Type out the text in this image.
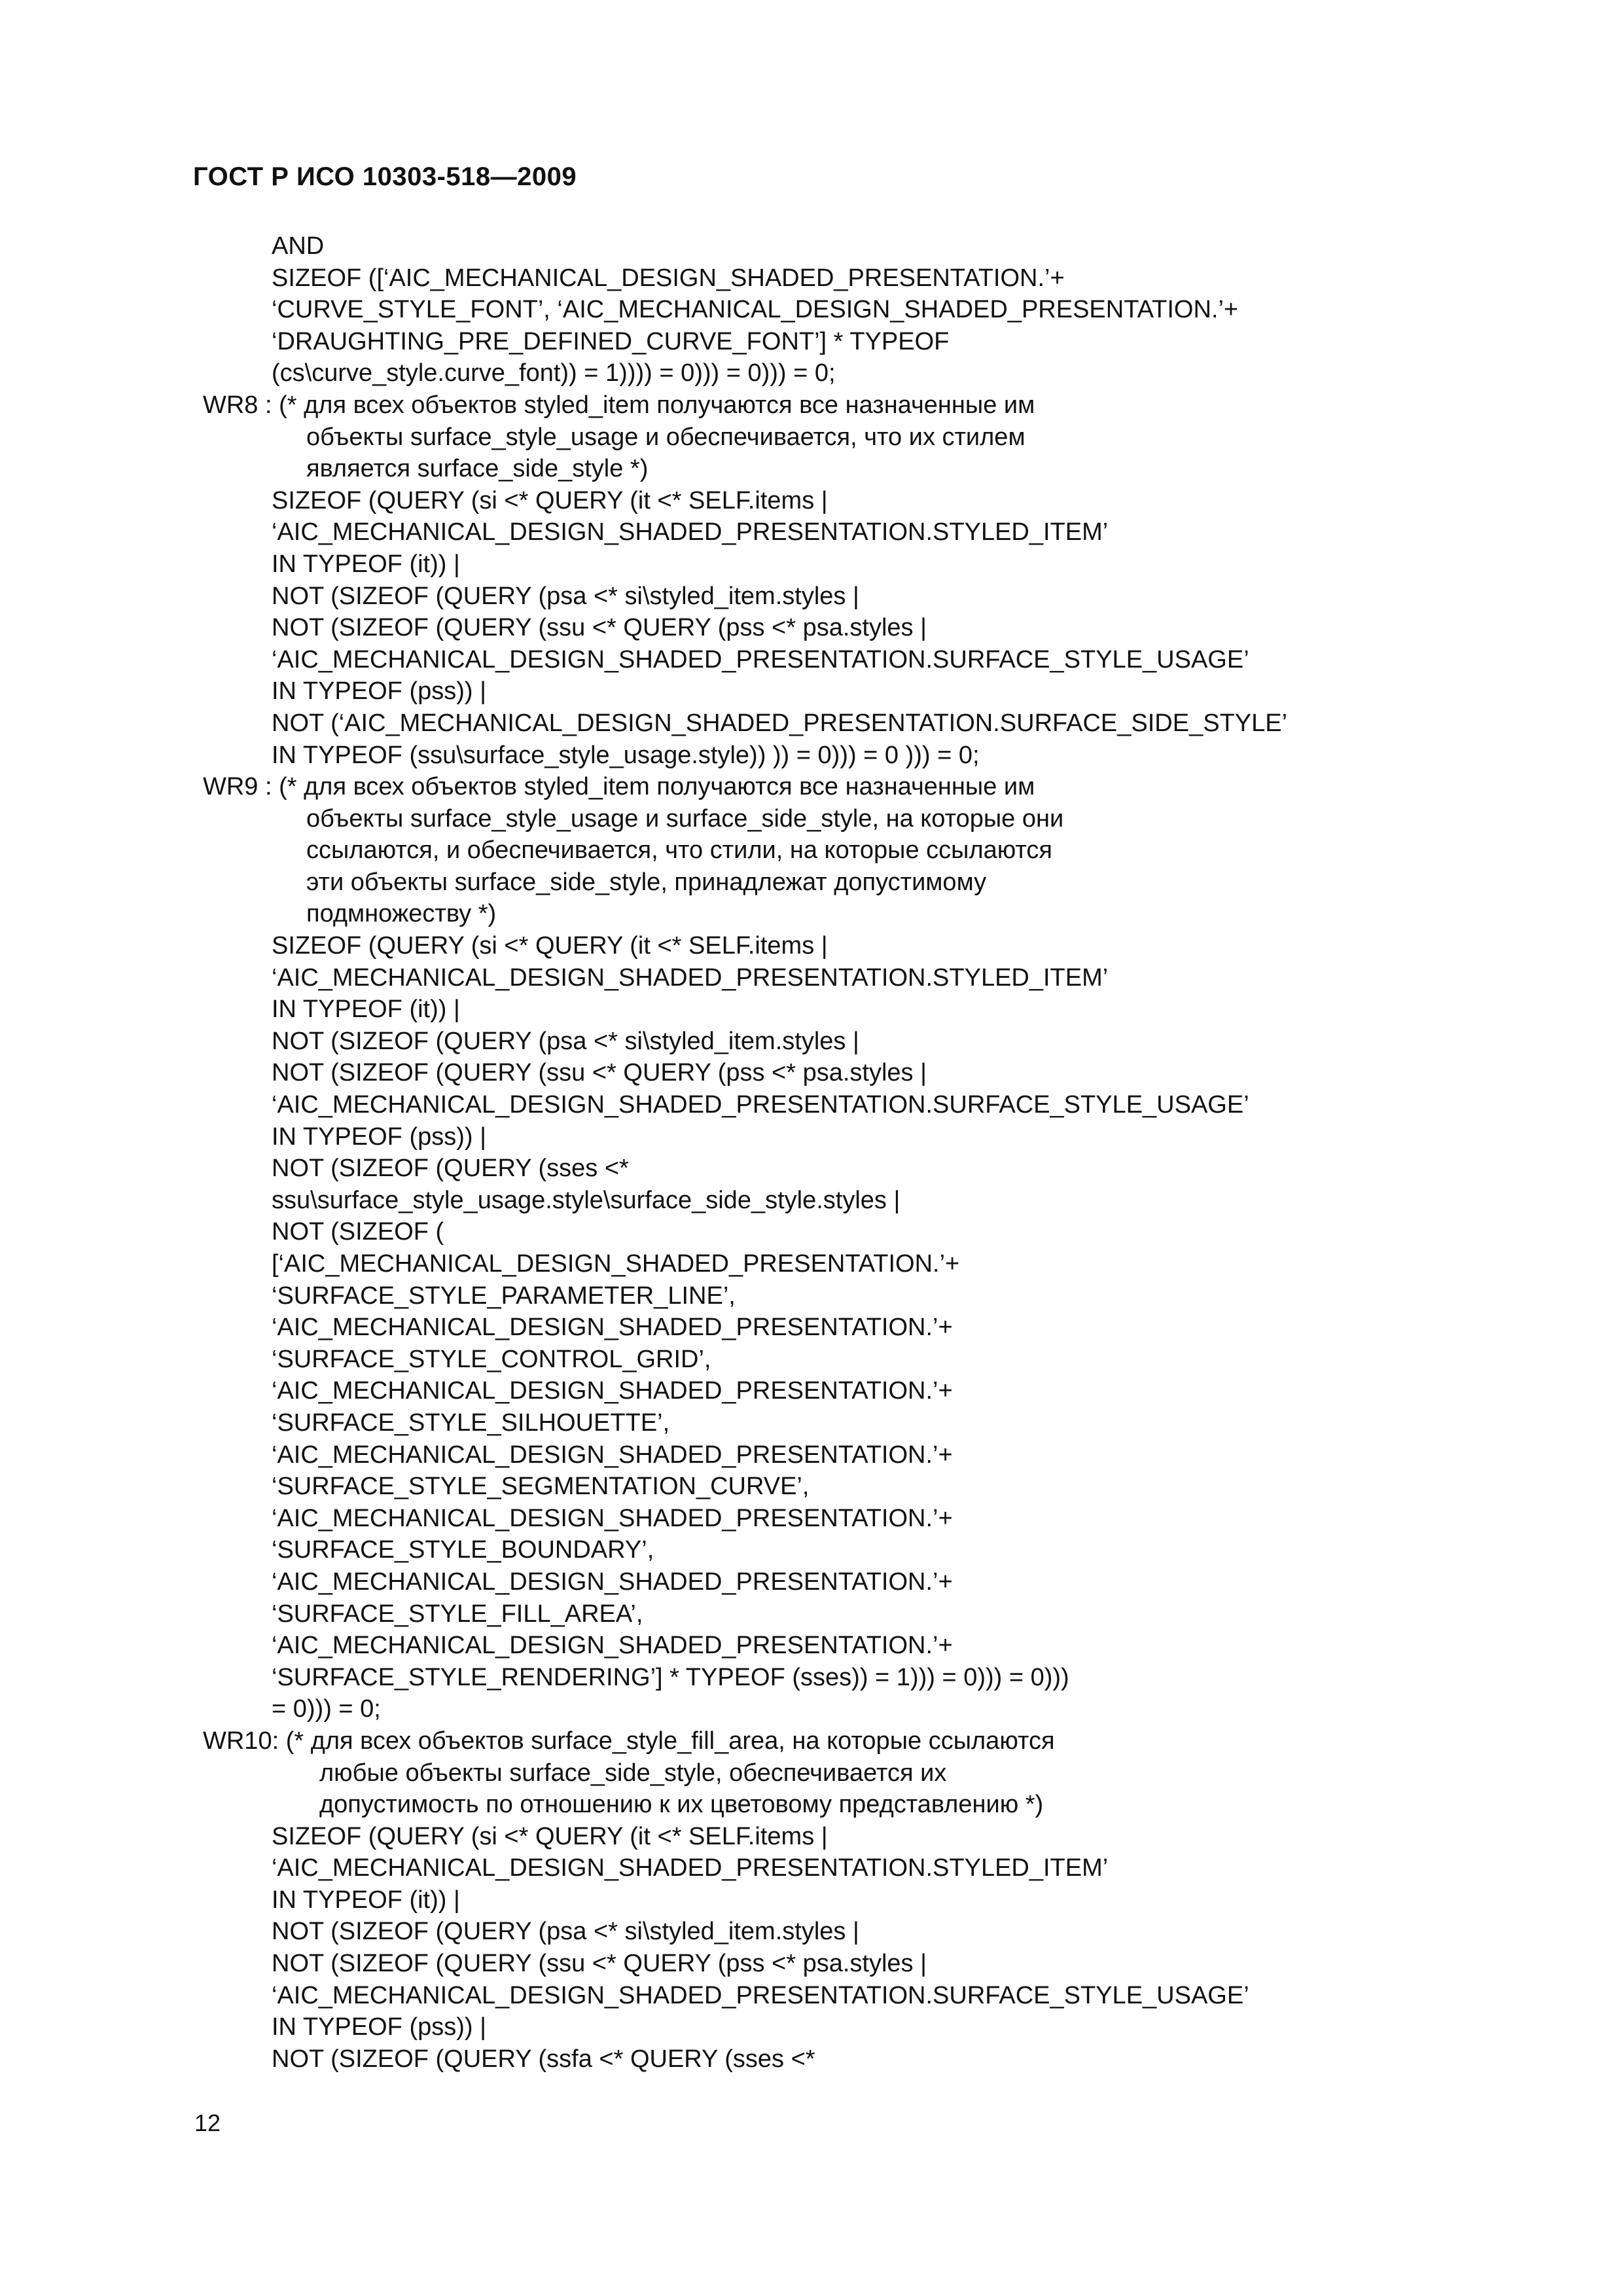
ГОСТ Р ИСО 10303-518—2009
AND
SIZEOF ([‘AIC_MECHANICAL_DESIGN_SHADED_PRESENTATION.’+
‘CURVE_STYLE_FONT’, ‘AIC_MECHANICAL_DESIGN_SHADED_PRESENTATION.’+
‘DRAUGHTING_PRE_DEFINED_CURVE_FONT’] * TYPEOF
(cs\curve_style.curve_font)) = 1)))) = 0))) = 0))) = 0;
WR8 : (* для всех объектов styled_item получаются все назначенные им
объекты surface_style_usage и обеспечивается, что их стилем
является surface_side_style *)
SIZEOF (QUERY (si <* QUERY (it <* SELF.items |
‘AIC_MECHANICAL_DESIGN_SHADED_PRESENTATION.STYLED_ITEM’
IN TYPEOF (it)) |
NOT (SIZEOF (QUERY (psa <* si\styled_item.styles |
NOT (SIZEOF (QUERY (ssu <* QUERY (pss <* psa.styles |
‘AIC_MECHANICAL_DESIGN_SHADED_PRESENTATION.SURFACE_STYLE_USAGE’
IN TYPEOF (pss)) |
NOT (‘AIC_MECHANICAL_DESIGN_SHADED_PRESENTATION.SURFACE_SIDE_STYLE’
IN TYPEOF (ssu\surface_style_usage.style)) )) = 0))) = 0 ))) = 0;
WR9 : (* для всех объектов styled_item получаются все назначенные им
объекты surface_style_usage и surface_side_style, на которые они
ссылаются, и обеспечивается, что стили, на которые ссылаются
эти объекты surface_side_style, принадлежат допустимому
подмножеству *)
SIZEOF (QUERY (si <* QUERY (it <* SELF.items |
‘AIC_MECHANICAL_DESIGN_SHADED_PRESENTATION.STYLED_ITEM’
IN TYPEOF (it)) |
NOT (SIZEOF (QUERY (psa <* si\styled_item.styles |
NOT (SIZEOF (QUERY (ssu <* QUERY (pss <* psa.styles |
‘AIC_MECHANICAL_DESIGN_SHADED_PRESENTATION.SURFACE_STYLE_USAGE’
IN TYPEOF (pss)) |
NOT (SIZEOF (QUERY (sses <*
ssu\surface_style_usage.style\surface_side_style.styles |
NOT (SIZEOF (
[‘AIC_MECHANICAL_DESIGN_SHADED_PRESENTATION.’+
‘SURFACE_STYLE_PARAMETER_LINE’,
‘AIC_MECHANICAL_DESIGN_SHADED_PRESENTATION.’+
‘SURFACE_STYLE_CONTROL_GRID’,
‘AIC_MECHANICAL_DESIGN_SHADED_PRESENTATION.’+
‘SURFACE_STYLE_SILHOUETTE’,
‘AIC_MECHANICAL_DESIGN_SHADED_PRESENTATION.’+
‘SURFACE_STYLE_SEGMENTATION_CURVE’,
‘AIC_MECHANICAL_DESIGN_SHADED_PRESENTATION.’+
‘SURFACE_STYLE_BOUNDARY’,
‘AIC_MECHANICAL_DESIGN_SHADED_PRESENTATION.’+
‘SURFACE_STYLE_FILL_AREA’,
‘AIC_MECHANICAL_DESIGN_SHADED_PRESENTATION.’+
‘SURFACE_STYLE_RENDERING’] * TYPEOF (sses)) = 1))) = 0))) = 0)))
= 0))) = 0;
WR10: (* для всех объектов surface_style_fill_area, на которые ссылаются
любые объекты surface_side_style, обеспечивается их
допустимость по отношению к их цветовому представлению *)
SIZEOF (QUERY (si <* QUERY (it <* SELF.items |
‘AIC_MECHANICAL_DESIGN_SHADED_PRESENTATION.STYLED_ITEM’
IN TYPEOF (it)) |
NOT (SIZEOF (QUERY (psa <* si\styled_item.styles |
NOT (SIZEOF (QUERY (ssu <* QUERY (pss <* psa.styles |
‘AIC_MECHANICAL_DESIGN_SHADED_PRESENTATION.SURFACE_STYLE_USAGE’
IN TYPEOF (pss)) |
NOT (SIZEOF (QUERY (ssfa <* QUERY (sses <*
12
